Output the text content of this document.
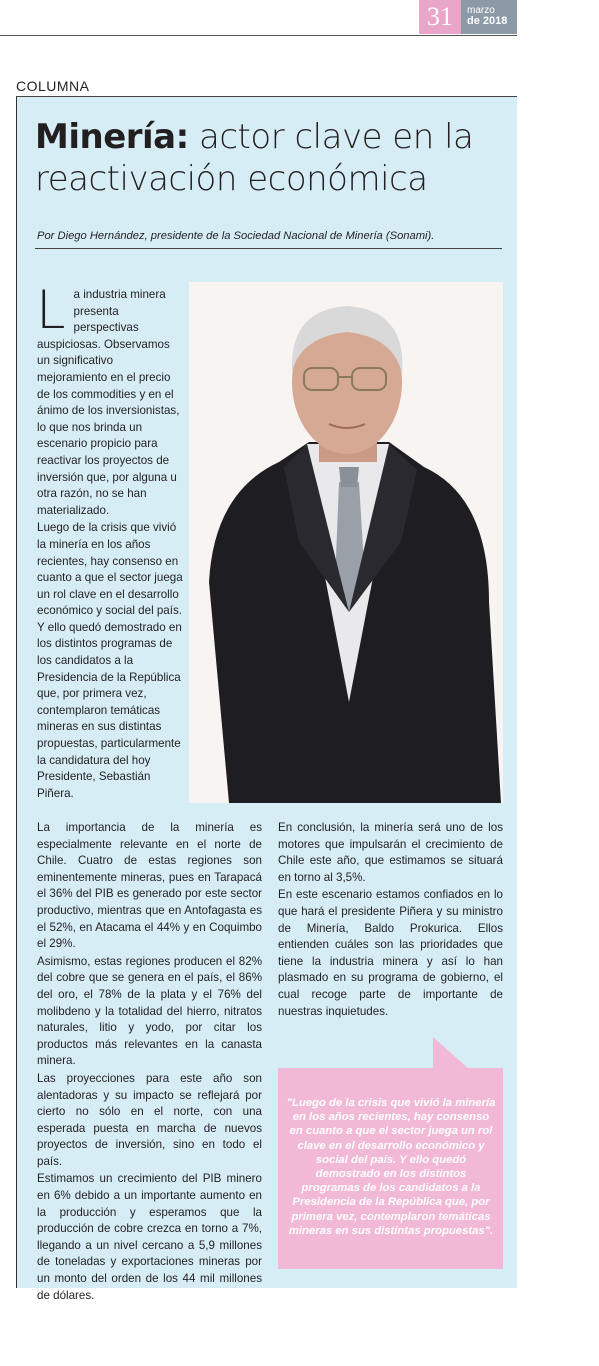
31	marzo
de 2018
COLUMNA
Minería: actor clave en la reactivación económica
Por Diego Hernández, presidente de la Sociedad Nacional de Minería (Sonami).

La industria minera presenta perspectivas auspiciosas. Observamos un significativo mejoramiento en el precio de los commodities y en el ánimo de los inversionistas, lo que nos brinda un escenario propicio para reactivar los proyectos de inversión que, por alguna u otra razón, no se han materializado.

Luego de la crisis que vivió la minería en los años recientes, hay consenso en cuanto a que el sector juega un rol clave en el desarrollo económico y social del país. Y ello quedó demostrado en los distintos programas de los candidatos a la Presidencia de la República que, por primera vez, contemplaron temáticas mineras en sus distintas propuestas, particularmente la candidatura del hoy Presidente, Sebastián Piñera.

La importancia de la minería es especialmente relevante en el norte de Chile. Cuatro de estas regiones son eminentemente mineras, pues en Tarapacá el 36% del PIB es generado por este sector productivo, mientras que en Antofagasta es el 52%, en Atacama el 44% y en Coquimbo el 29%.

Asimismo, estas regiones producen el 82% del cobre que se genera en el país, el 86% del oro, el 78% de la plata y el 76% del molibdeno y la totalidad del hierro, nitratos naturales, litio y yodo, por citar los productos más relevantes en la canasta minera.

Las proyecciones para este año son alentadoras y su impacto se reflejará por cierto no sólo en el norte, con una esperada puesta en marcha de nuevos proyectos de inversión, sino en todo el país.

Estimamos un crecimiento del PIB minero en 6% debido a un importante aumento en la producción y esperamos que la producción de cobre crezca en torno a 7%, llegando a un nivel cercano a 5,9 millones de toneladas y exportaciones mineras por un monto del orden de los 44 mil millones de dólares.

En conclusión, la minería será uno de los motores que impulsarán el crecimiento de Chile este año, que estimamos se situará en torno al 3,5%.

En este escenario estamos confiados en lo que hará el presidente Piñera y su ministro de Minería, Baldo Prokurica. Ellos entienden cuáles son las prioridades que tiene la industria minera y así lo han plasmado en su programa de gobierno, el cual recoge parte de importante de nuestras inquietudes.

"Luego de la crisis que vivió la minería en los años recientes, hay consenso en cuanto a que el sector juega un rol clave en el desarrollo económico y social del país. Y ello quedó demostrado en los distintos programas de los candidatos a la Presidencia de la República que, por primera vez, contemplaron temáticas mineras en sus distintas propuestas".
